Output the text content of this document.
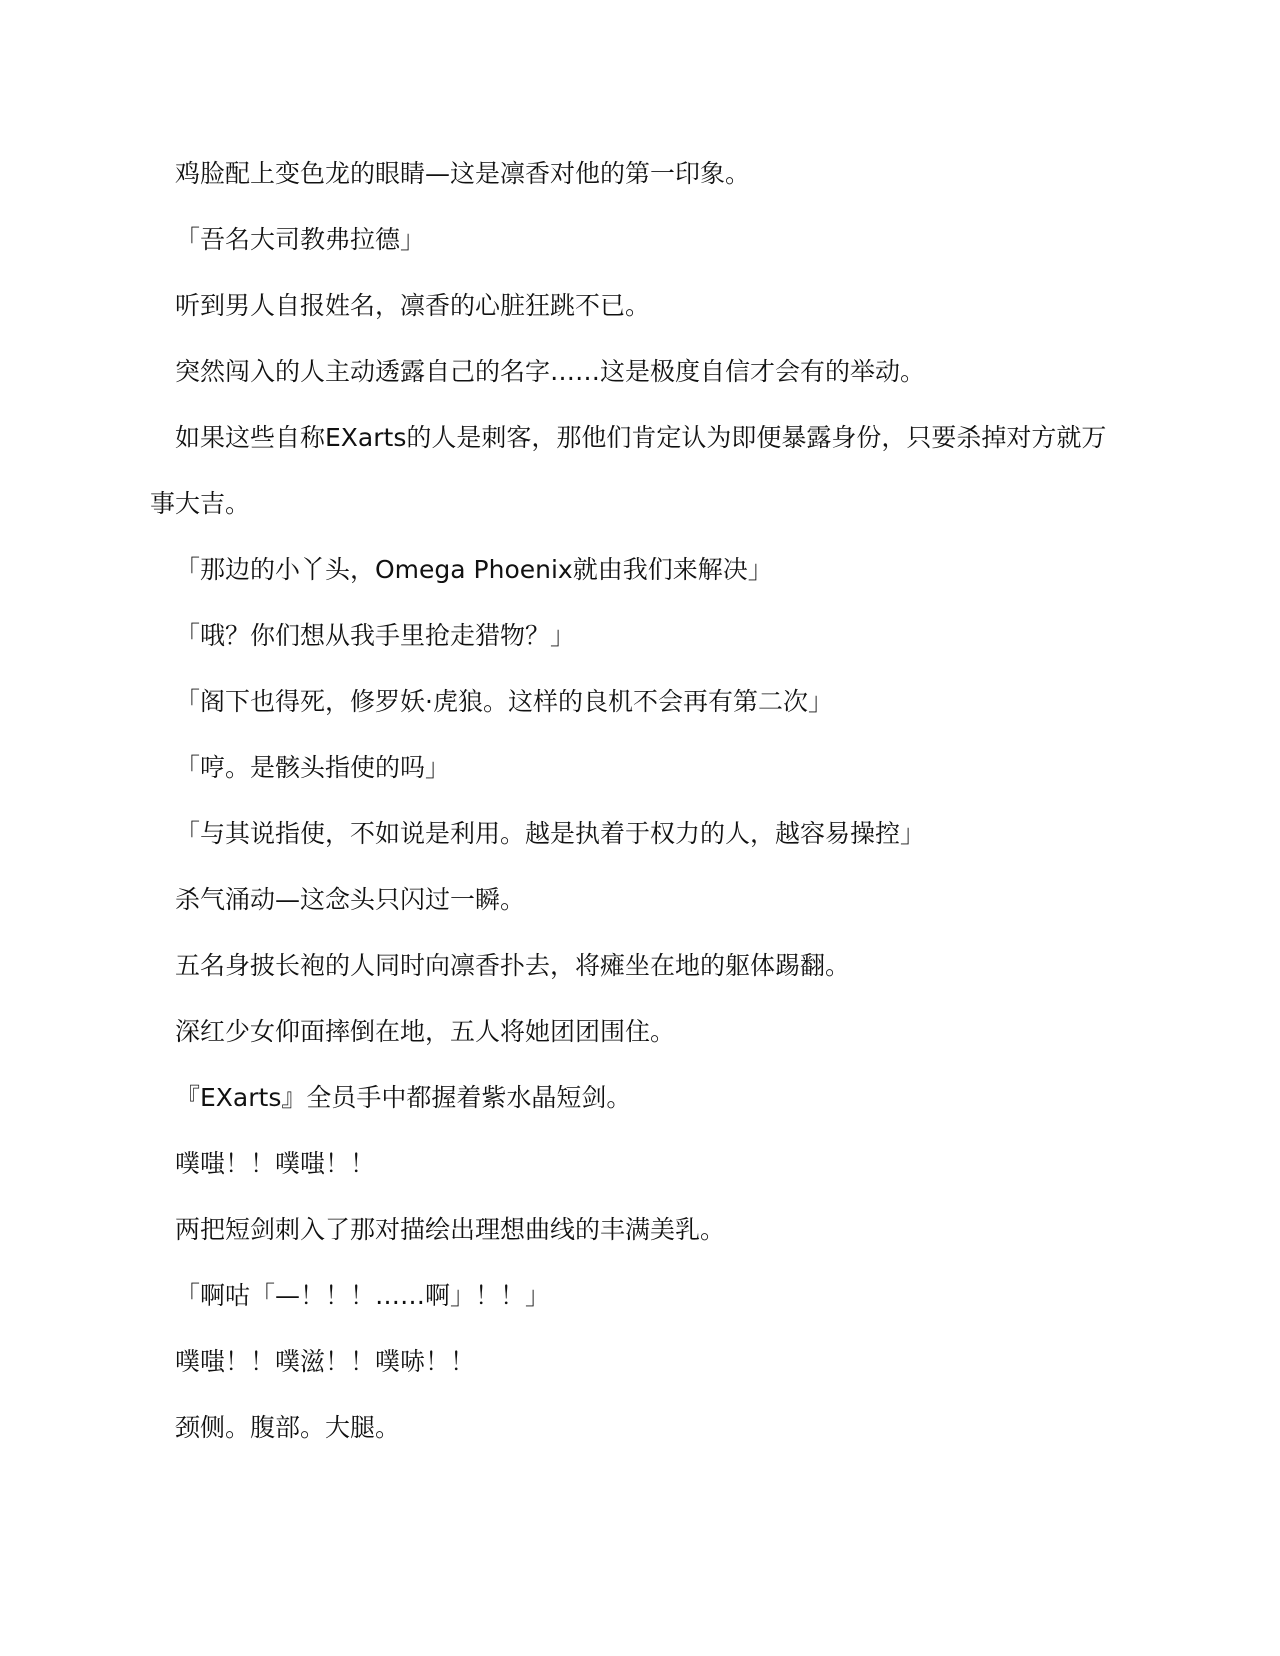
鸡脸配上变色龙的眼睛—这是凛香对他的第一印象。

「吾名大司教弗拉德」

听到男人自报姓名，凛香的心脏狂跳不已。

突然闯入的人主动透露自己的名字……这是极度自信才会有的举动。

如果这些自称EXarts的人是刺客，那他们肯定认为即便暴露身份，只要杀掉对方就万事大吉。

「那边的小丫头，Omega Phoenix就由我们来解决」

「哦？你们想从我手里抢走猎物？」

「阁下也得死，修罗妖·虎狼。这样的良机不会再有第二次」

「哼。是骸头指使的吗」

「与其说指使，不如说是利用。越是执着于权力的人，越容易操控」

杀气涌动—这念头只闪过一瞬。

五名身披长袍的人同时向凛香扑去，将瘫坐在地的躯体踢翻。

深红少女仰面摔倒在地，五人将她团团围住。

『EXarts』全员手中都握着紫水晶短剑。

噗嗤！！噗嗤！！

两把短剑刺入了那对描绘出理想曲线的丰满美乳。

「啊咕「—！！！……啊」！！」

噗嗤！！噗滋！！噗哧！！

颈侧。腹部。大腿。
